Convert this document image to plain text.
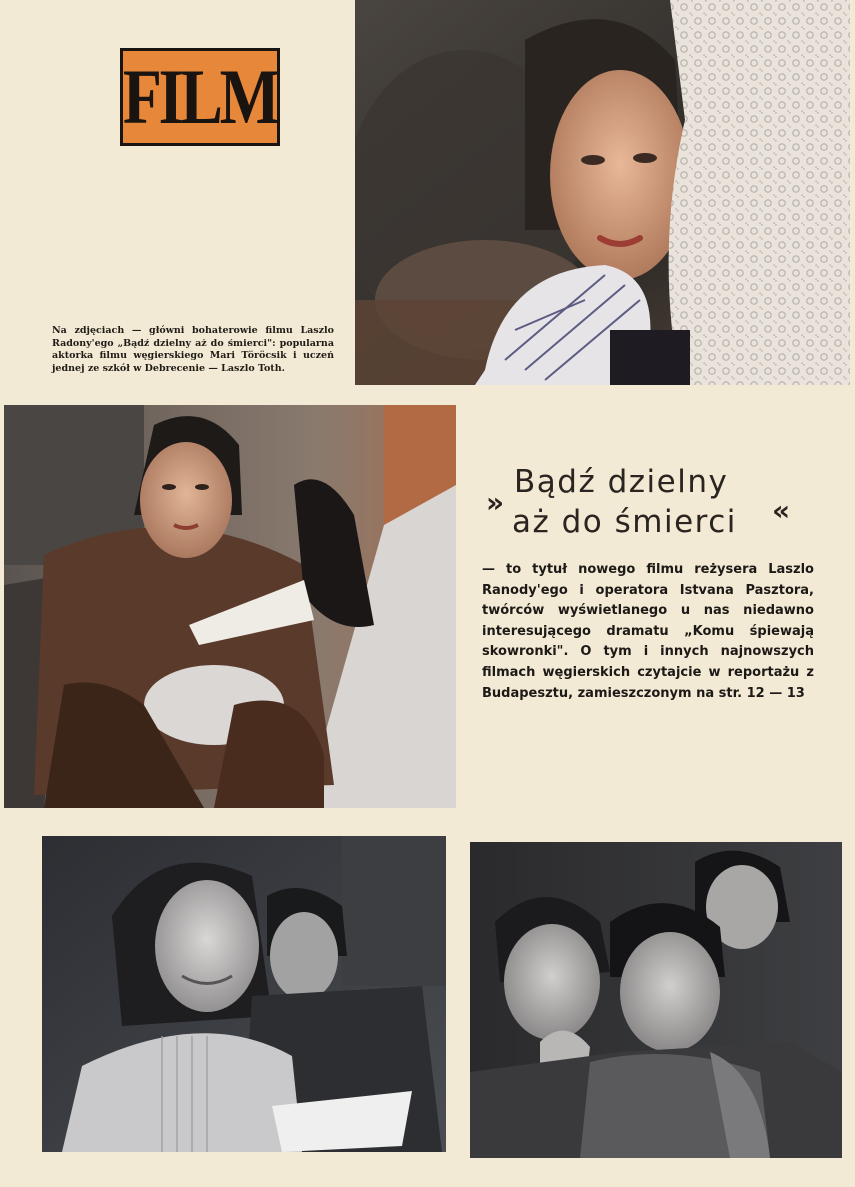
FILM
Na zdjęciach — główni bohaterowie filmu Laszlo Radony'ego „Bądź dzielny aż do śmierci": popularna aktorka filmu węgierskiego Mari Töröcsik i uczeń jednej ze szkół w Debrecenie — Laszlo Toth.
»
Bądź dzielny
aż do śmierci	«
— to tytuł nowego filmu reżysera Laszlo Ranody'ego i operatora Istvana Pasztora, twórców wyświetlanego u nas niedawno interesującego dramatu „Komu śpiewają skowronki". O tym i innych najnowszych filmach węgierskich czytajcie w reportażu z Budapesztu, zamieszczonym na str. 12 — 13
